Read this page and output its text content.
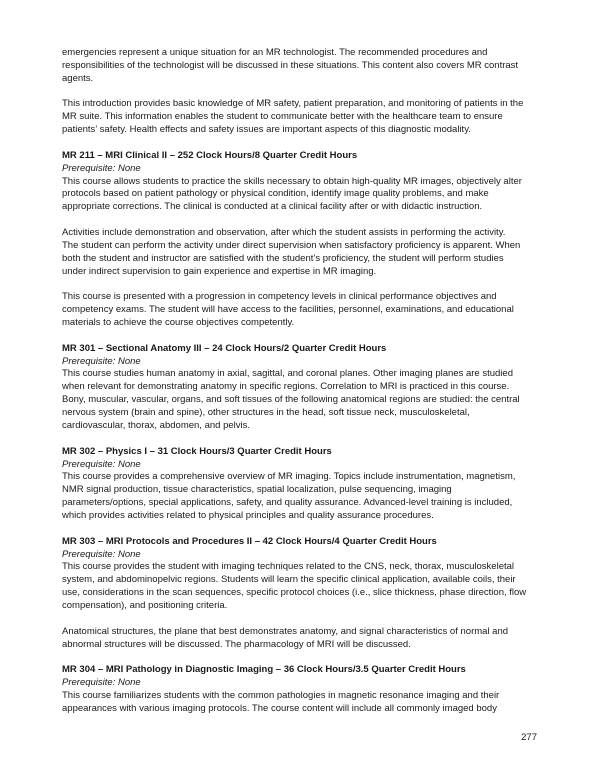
emergencies represent a unique situation for an MR technologist. The recommended procedures and
responsibilities of the technologist will be discussed in these situations. This content also covers MR contrast
agents.
This introduction provides basic knowledge of MR safety, patient preparation, and monitoring of patients in the
MR suite. This information enables the student to communicate better with the healthcare team to ensure
patients’ safety. Health effects and safety issues are important aspects of this diagnostic modality.
MR 211 – MRI Clinical II – 252 Clock Hours/8 Quarter Credit Hours
Prerequisite: None
This course allows students to practice the skills necessary to obtain high-quality MR images, objectively alter
protocols based on patient pathology or physical condition, identify image quality problems, and make
appropriate corrections. The clinical is conducted at a clinical facility after or with didactic instruction.
Activities include demonstration and observation, after which the student assists in performing the activity.
The student can perform the activity under direct supervision when satisfactory proficiency is apparent. When
both the student and instructor are satisfied with the student’s proficiency, the student will perform studies
under indirect supervision to gain experience and expertise in MR imaging.
This course is presented with a progression in competency levels in clinical performance objectives and
competency exams. The student will have access to the facilities, personnel, examinations, and educational
materials to achieve the course objectives competently.
MR 301 – Sectional Anatomy III – 24 Clock Hours/2 Quarter Credit Hours
Prerequisite: None
This course studies human anatomy in axial, sagittal, and coronal planes. Other imaging planes are studied
when relevant for demonstrating anatomy in specific regions. Correlation to MRI is practiced in this course.
Bony, muscular, vascular, organs, and soft tissues of the following anatomical regions are studied: the central
nervous system (brain and spine), other structures in the head, soft tissue neck, musculoskeletal,
cardiovascular, thorax, abdomen, and pelvis.
MR 302 – Physics I – 31 Clock Hours/3 Quarter Credit Hours
Prerequisite: None
This course provides a comprehensive overview of MR imaging. Topics include instrumentation, magnetism,
NMR signal production, tissue characteristics, spatial localization, pulse sequencing, imaging
parameters/options, special applications, safety, and quality assurance. Advanced-level training is included,
which provides activities related to physical principles and quality assurance procedures.
MR 303 – MRI Protocols and Procedures II – 42 Clock Hours/4 Quarter Credit Hours
Prerequisite: None
This course provides the student with imaging techniques related to the CNS, neck, thorax, musculoskeletal
system, and abdominopelvic regions. Students will learn the specific clinical application, available coils, their
use, considerations in the scan sequences, specific protocol choices (i.e., slice thickness, phase direction, flow
compensation), and positioning criteria.
Anatomical structures, the plane that best demonstrates anatomy, and signal characteristics of normal and
abnormal structures will be discussed. The pharmacology of MRI will be discussed.
MR 304 – MRI Pathology in Diagnostic Imaging – 36 Clock Hours/3.5 Quarter Credit Hours
Prerequisite: None
This course familiarizes students with the common pathologies in magnetic resonance imaging and their
appearances with various imaging protocols. The course content will include all commonly imaged body
277
